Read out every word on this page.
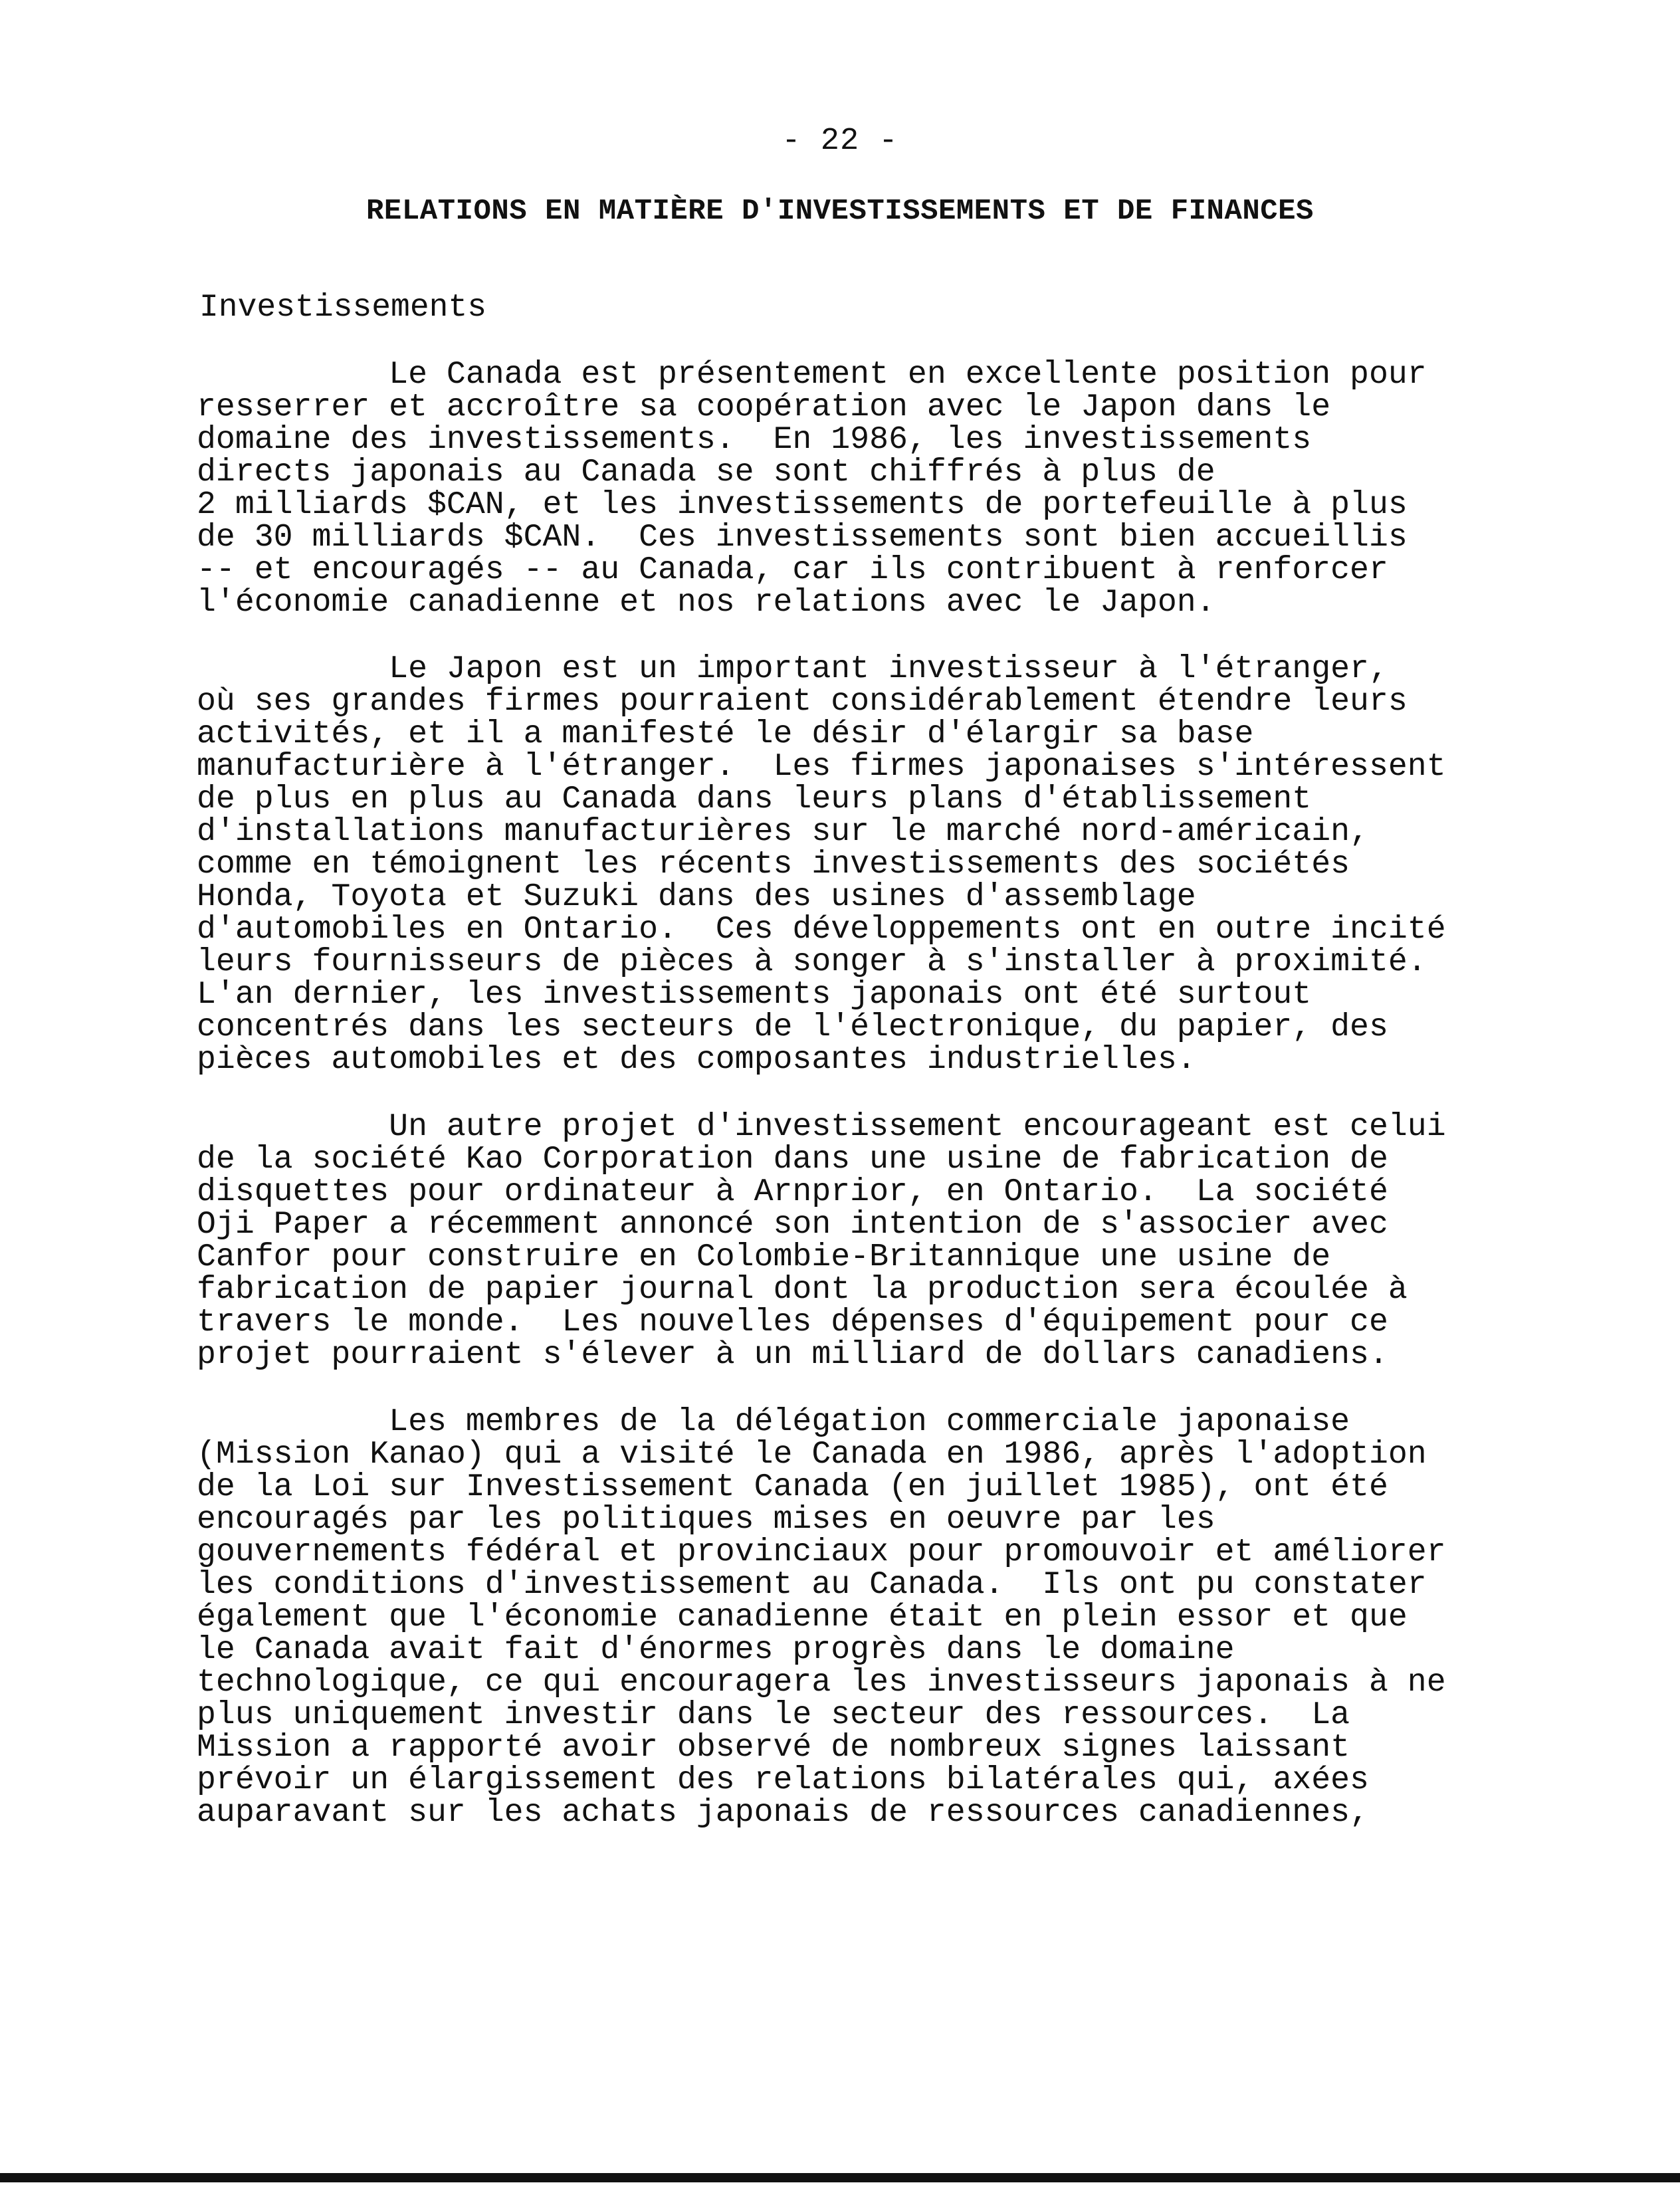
- 22 -
RELATIONS EN MATIÈRE D'INVESTISSEMENTS ET DE FINANCES
Investissements

Le Canada est présentement en excellente position pour
resserrer et accroître sa coopération avec le Japon dans le
domaine des investissements.  En 1986, les investissements
directs japonais au Canada se sont chiffrés à plus de
2 milliards $CAN, et les investissements de portefeuille à plus
de 30 milliards $CAN.  Ces investissements sont bien accueillis
-- et encouragés -- au Canada, car ils contribuent à renforcer
l'économie canadienne et nos relations avec le Japon.

Le Japon est un important investisseur à l'étranger,
où ses grandes firmes pourraient considérablement étendre leurs
activités, et il a manifesté le désir d'élargir sa base
manufacturière à l'étranger.  Les firmes japonaises s'intéressent
de plus en plus au Canada dans leurs plans d'établissement
d'installations manufacturières sur le marché nord-américain,
comme en témoignent les récents investissements des sociétés
Honda, Toyota et Suzuki dans des usines d'assemblage
d'automobiles en Ontario.  Ces développements ont en outre incité
leurs fournisseurs de pièces à songer à s'installer à proximité.
L'an dernier, les investissements japonais ont été surtout
concentrés dans les secteurs de l'électronique, du papier, des
pièces automobiles et des composantes industrielles.

Un autre projet d'investissement encourageant est celui
de la société Kao Corporation dans une usine de fabrication de
disquettes pour ordinateur à Arnprior, en Ontario.  La société
Oji Paper a récemment annoncé son intention de s'associer avec
Canfor pour construire en Colombie-Britannique une usine de
fabrication de papier journal dont la production sera écoulée à
travers le monde.  Les nouvelles dépenses d'équipement pour ce
projet pourraient s'élever à un milliard de dollars canadiens.

Les membres de la délégation commerciale japonaise
(Mission Kanao) qui a visité le Canada en 1986, après l'adoption
de la Loi sur Investissement Canada (en juillet 1985), ont été
encouragés par les politiques mises en oeuvre par les
gouvernements fédéral et provinciaux pour promouvoir et améliorer
les conditions d'investissement au Canada.  Ils ont pu constater
également que l'économie canadienne était en plein essor et que
le Canada avait fait d'énormes progrès dans le domaine
technologique, ce qui encouragera les investisseurs japonais à ne
plus uniquement investir dans le secteur des ressources.  La
Mission a rapporté avoir observé de nombreux signes laissant
prévoir un élargissement des relations bilatérales qui, axées
auparavant sur les achats japonais de ressources canadiennes,
